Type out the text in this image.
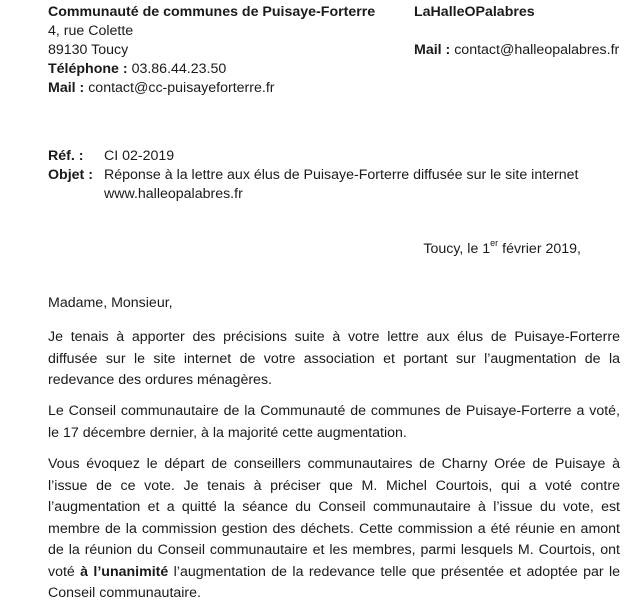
Communauté de communes de Puisaye-Forterre
4, rue Colette
89130 Toucy
Téléphone : 03.86.44.23.50
Mail : contact@cc-puisayeforterre.fr
LaHalleOPalabres
Mail : contact@halleopalabres.fr
Réf. : CI 02-2019
Objet : Réponse à la lettre aux élus de Puisaye-Forterre diffusée sur le site internet
www.halleopalabres.fr
Toucy, le 1er février 2019,
Madame, Monsieur,
Je tenais à apporter des précisions suite à votre lettre aux élus de Puisaye-Forterre diffusée sur le site internet de votre association et portant sur l’augmentation de la redevance des ordures ménagères.
Le Conseil communautaire de la Communauté de communes de Puisaye-Forterre a voté, le 17 décembre dernier, à la majorité cette augmentation.
Vous évoquez le départ de conseillers communautaires de Charny Orée de Puisaye à l’issue de ce vote. Je tenais à préciser que M. Michel Courtois, qui a voté contre l’augmentation et a quitté la séance du Conseil communautaire à l’issue du vote, est membre de la commission gestion des déchets. Cette commission a été réunie en amont de la réunion du Conseil communautaire et les membres, parmi lesquels M. Courtois, ont voté à l’unanimité l’augmentation de la redevance telle que présentée et adoptée par le Conseil communautaire.
